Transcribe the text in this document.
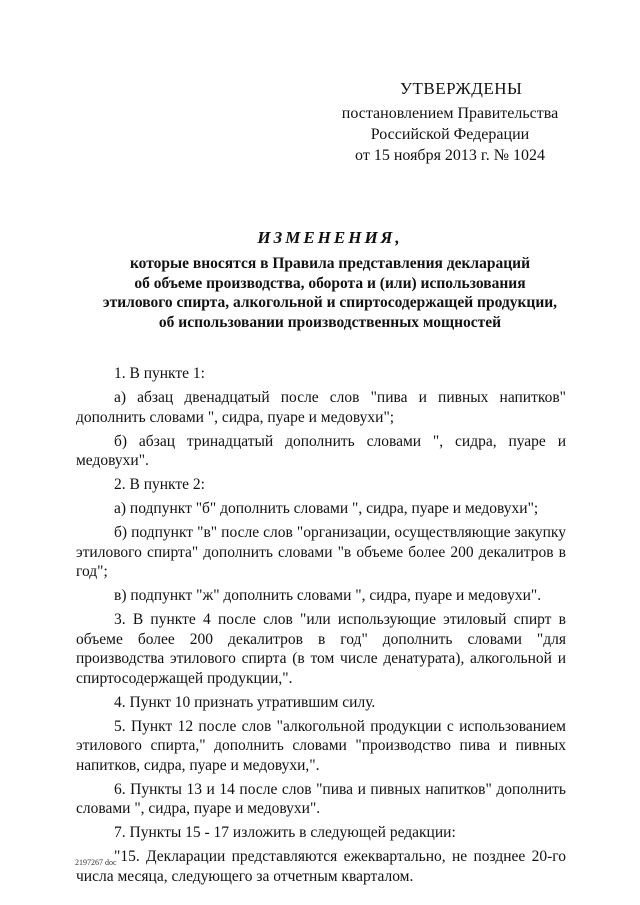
УТВЕРЖДЕНЫ
постановлением Правительства
Российской Федерации
от 15 ноября 2013 г. № 1024
ИЗМЕНЕНИЯ,
которые вносятся в Правила представления деклараций
об объеме производства, оборота и (или) использования
этилового спирта, алкогольной и спиртосодержащей продукции,
об использовании производственных мощностей

1. В пункте 1:

а) абзац двенадцатый после слов "пива и пивных напитков" дополнить словами ", сидра, пуаре и медовухи";

б) абзац тринадцатый дополнить словами ", сидра, пуаре и медовухи".

2. В пункте 2:

а) подпункт "б" дополнить словами ", сидра, пуаре и медовухи";

б) подпункт "в" после слов "организации, осуществляющие закупку этилового спирта" дополнить словами "в объеме более 200 декалитров в год";

в) подпункт "ж" дополнить словами ", сидра, пуаре и медовухи".

3. В пункте 4 после слов "или использующие этиловый спирт в объеме более 200 декалитров в год" дополнить словами "для производства этилового спирта (в том числе денатурата), алкогольной и спиртосодержащей продукции,".

4. Пункт 10 признать утратившим силу.

5. Пункт 12 после слов "алкогольной продукции с использованием этилового спирта," дополнить словами "производство пива и пивных напитков, сидра, пуаре и медовухи,".

6. Пункты 13 и 14 после слов "пива и пивных напитков" дополнить словами ", сидра, пуаре и медовухи".

7. Пункты 15 - 17 изложить в следующей редакции:

"15. Декларации представляются ежеквартально, не позднее 20-го числа месяца, следующего за отчетным кварталом.

2197267 doc
